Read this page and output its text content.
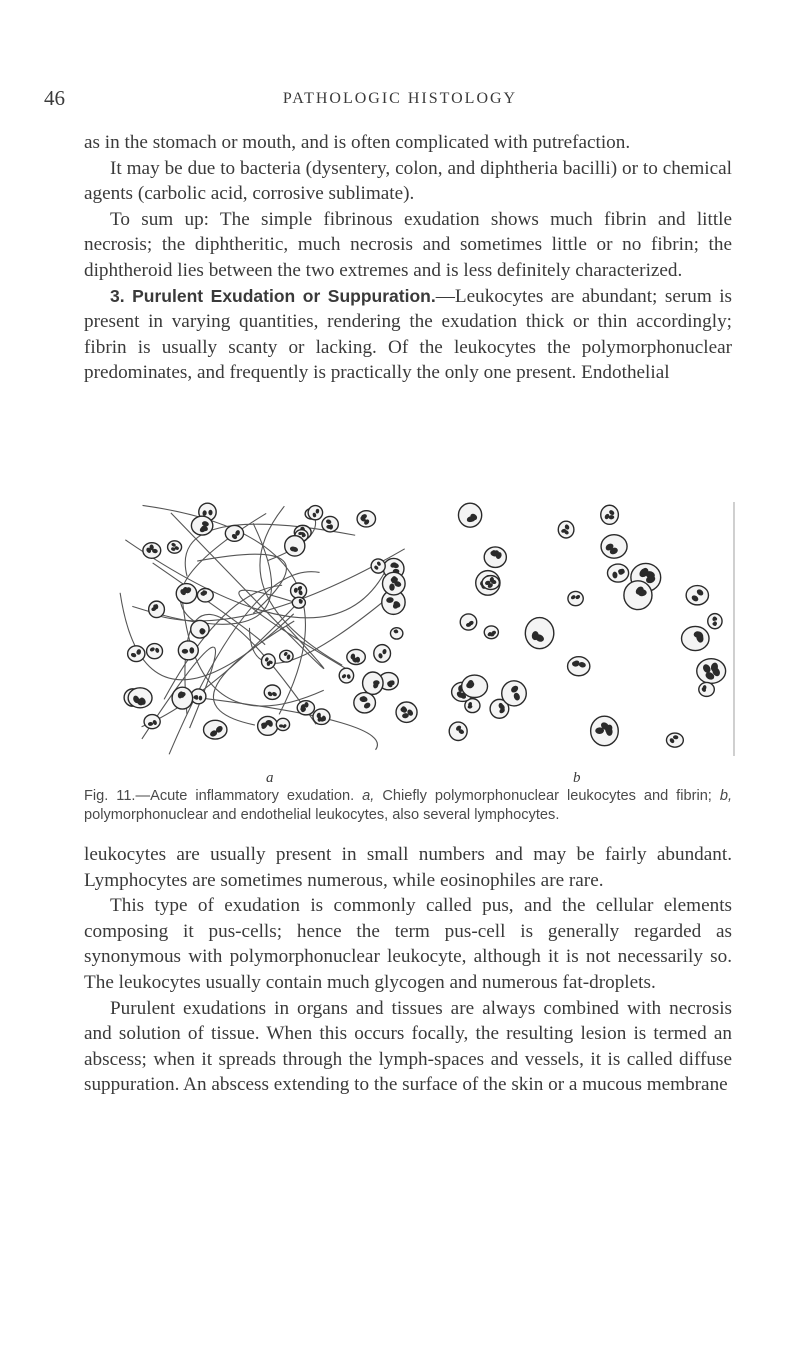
46	PATHOLOGIC HISTOLOGY

as in the stomach or mouth, and is often complicated with putrefaction.

It may be due to bacteria (dysentery, colon, and diphtheria bacilli) or to chemical agents (carbolic acid, corrosive sublimate).

To sum up: The simple fibrinous exudation shows much fibrin and little necrosis; the diphtheritic, much necrosis and sometimes little or no fibrin; the diphtheroid lies between the two extremes and is less definitely characterized.

3. Purulent Exudation or Suppuration.—Leukocytes are abundant; serum is present in varying quantities, rendering the exudation thick or thin accordingly; fibrin is usually scanty or lacking. Of the leukocytes the polymorphonuclear predominates, and frequently is practically the only one present. Endothelial

a	b
Fig. 11.—Acute inflammatory exudation. a, Chiefly polymorphonuclear leukocytes and fibrin; b, polymorphonuclear and endothelial leukocytes, also several lymphocytes.

leukocytes are usually present in small numbers and may be fairly abundant. Lymphocytes are sometimes numerous, while eosinophiles are rare.

This type of exudation is commonly called pus, and the cellular elements composing it pus-cells; hence the term pus-cell is generally regarded as synonymous with polymorphonuclear leukocyte, although it is not necessarily so. The leukocytes usually contain much glycogen and numerous fat-droplets.

Purulent exudations in organs and tissues are always combined with necrosis and solution of tissue. When this occurs focally, the resulting lesion is termed an abscess; when it spreads through the lymph-spaces and vessels, it is called diffuse suppuration. An abscess extending to the surface of the skin or a mucous membrane
